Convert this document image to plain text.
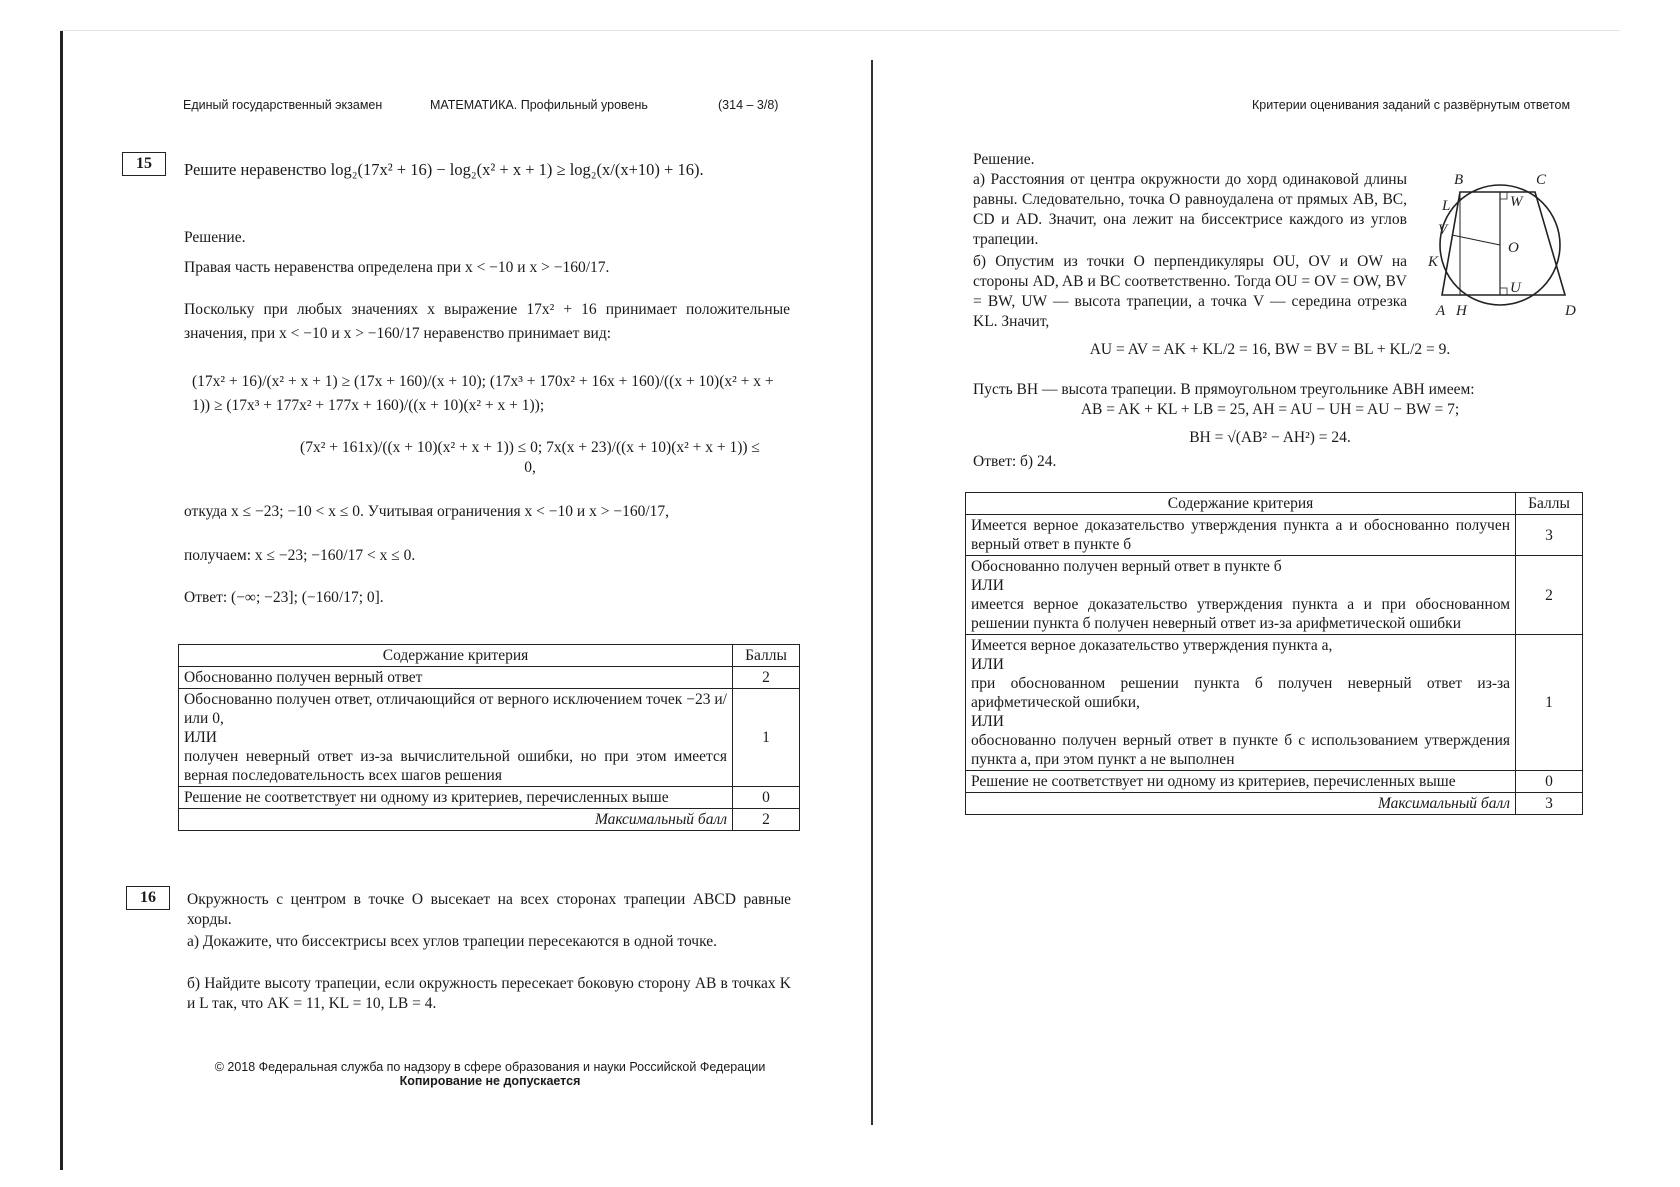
Единый государственный экзамен	МАТЕМАТИКА. Профильный уровень	(314 – 3/8)
15	Решите неравенство log₂(17x² + 16) − log₂(x² + x + 1) ≥ log₂(x/(x+10) + 16).
Решение.
Правая часть неравенства определена при x < −10 и x > −160/17.
Поскольку при любых значениях x выражение 17x² + 16 принимает положительные значения, при x < −10 и x > −160/17 неравенство принимает вид:
(17x² + 16)/(x² + x + 1) ≥ (17x + 160)/(x + 10); (17x³ + 170x² + 16x + 160)/((x + 10)(x² + x + 1)) ≥ (17x³ + 177x² + 177x + 160)/((x + 10)(x² + x + 1));
(7x² + 161x)/((x + 10)(x² + x + 1)) ≤ 0; 7x(x + 23)/((x + 10)(x² + x + 1)) ≤ 0,
откуда x ≤ −23; −10 < x ≤ 0. Учитывая ограничения x < −10 и x > −160/17,
получаем: x ≤ −23; −160/17 < x ≤ 0.
Ответ: (−∞; −23]; (−160/17; 0].
Содержание критерия	Баллы
Обоснованно получен верный ответ	2
Обоснованно получен ответ, отличающийся от верного исключением точек −23 и/или 0,
ИЛИ
получен неверный ответ из-за вычислительной ошибки, но при этом имеется верная последовательность всех шагов решения	1
Решение не соответствует ни одному из критериев, перечисленных выше	0
Максимальный балл	2
16	Окружность с центром в точке O высекает на всех сторонах трапеции ABCD равные хорды.
а) Докажите, что биссектрисы всех углов трапеции пересекаются в одной точке.
б) Найдите высоту трапеции, если окружность пересекает боковую сторону AB в точках K и L так, что AK = 11, KL = 10, LB = 4.
© 2018 Федеральная служба по надзору в сфере образования и науки Российской Федерации
Копирование не допускается
Критерии оценивания заданий с развёрнутым ответом
Решение.
а) Расстояния от центра окружности до хорд одинаковой длины равны. Следовательно, точка O равноудалена от прямых AB, BC, CD и AD. Значит, она лежит на биссектрисе каждого из углов трапеции.
б) Опустим из точки O перпендикуляры OU, OV и OW на стороны AD, AB и BC соответственно. Тогда OU = OV = OW, BV = BW, UW — высота трапеции, а точка V — середина отрезка KL. Значит,
B	C
L	W
V
O
K
U
A H	D
AU = AV = AK + KL/2 = 16, BW = BV = BL + KL/2 = 9.
Пусть BH — высота трапеции. В прямоугольном треугольнике ABH имеем:
AB = AK + KL + LB = 25, AH = AU − UH = AU − BW = 7;
BH = √(AB² − AH²) = 24.
Ответ: б) 24.
Содержание критерия	Баллы
Имеется верное доказательство утверждения пункта а и обоснованно получен верный ответ в пункте б	3
Обоснованно получен верный ответ в пункте б
ИЛИ
имеется верное доказательство утверждения пункта а и при обоснованном решении пункта б получен неверный ответ из-за арифметической ошибки	2
Имеется верное доказательство утверждения пункта а,
ИЛИ
при обоснованном решении пункта б получен неверный ответ из-за арифметической ошибки,
ИЛИ
обоснованно получен верный ответ в пункте б с использованием утверждения пункта а, при этом пункт а не выполнен	1
Решение не соответствует ни одному из критериев, перечисленных выше	0
Максимальный балл	3
